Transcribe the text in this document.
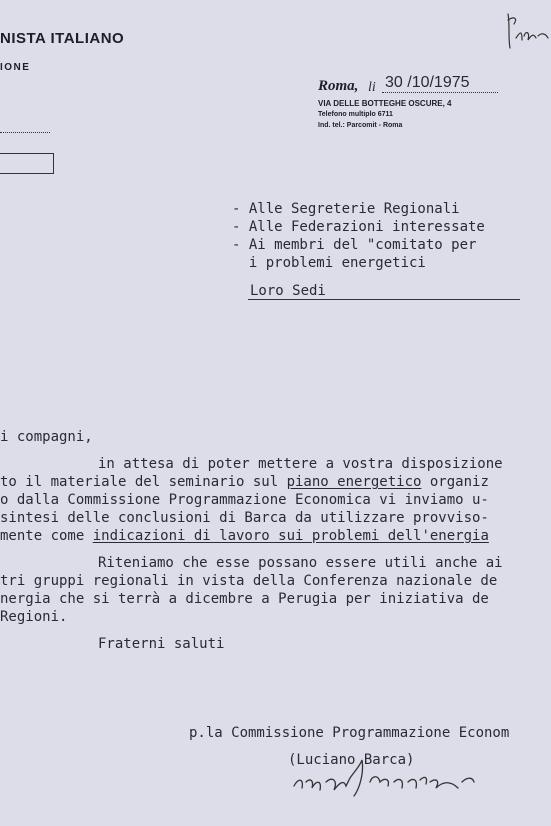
NISTA ITALIANO
IONE
Roma, li 30 /10/1975
VIA DELLE BOTTEGHE OSCURE, 4
Telefono multiplo 6711
Ind. tel.: Parcomit - Roma
- Alle Segreterie Regionali
- Alle Federazioni interessate
- Ai membri del "comitato per
i problemi energetici
Loro Sedi
i compagni,
in attesa di poter mettere a vostra disposizione
to il materiale del seminario sul piano energetico organiz
o dalla Commissione Programmazione Economica vi inviamo u-
sintesi delle conclusioni di Barca da utilizzare provviso-
mente come indicazioni di lavoro sui problemi dell'energia
Riteniamo che esse possano essere utili anche ai
tri gruppi regionali in vista della Conferenza nazionale de
nergia che si terrà a dicembre a Perugia per iniziativa de
Regioni.
Fraterni saluti
p.la Commissione Programmazione Econom
(Luciano Barca)
